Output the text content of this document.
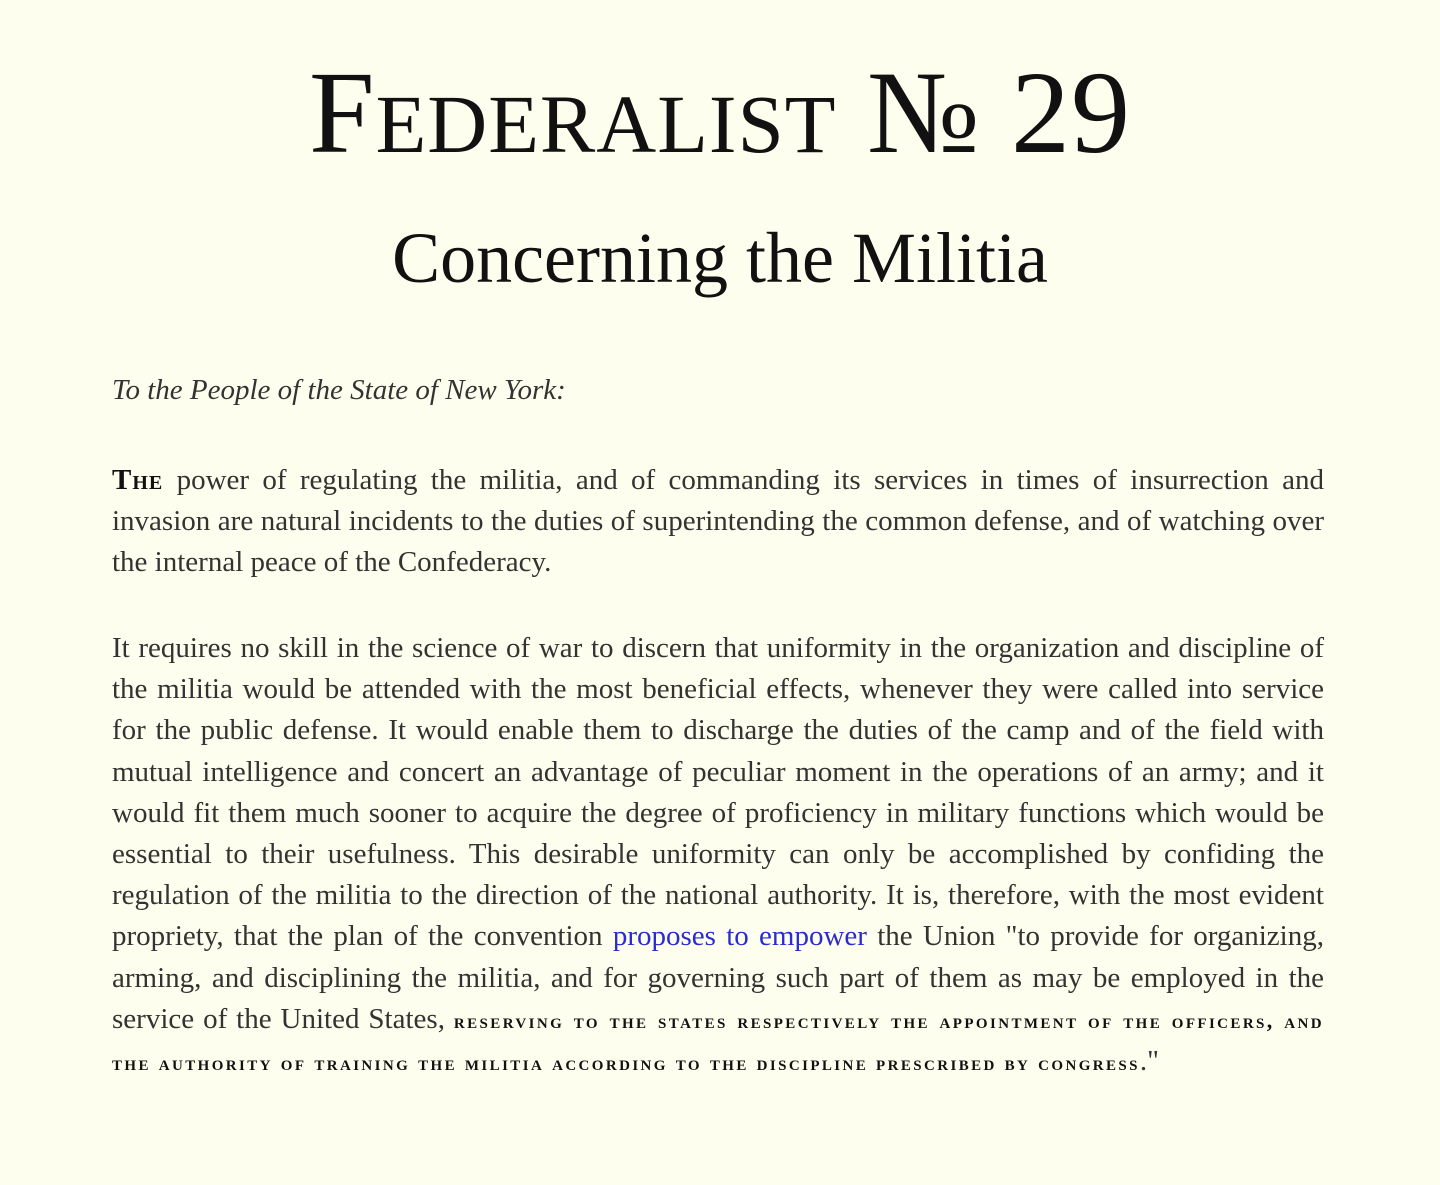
Federalist № 29
Concerning the Militia

To the People of the State of New York:

The power of regulating the militia, and of commanding its services in times of insurrection and invasion are natural incidents to the duties of superintending the common defense, and of watching over the internal peace of the Confederacy.

It requires no skill in the science of war to discern that uniformity in the organization and discipline of the militia would be attended with the most beneficial effects, whenever they were called into service for the public defense. It would enable them to discharge the duties of the camp and of the field with mutual intelligence and concert an advantage of peculiar moment in the operations of an army; and it would fit them much sooner to acquire the degree of proficiency in military functions which would be essential to their usefulness. This desirable uniformity can only be accomplished by confiding the regulation of the militia to the direction of the national authority. It is, therefore, with the most evident propriety, that the plan of the convention proposes to empower the Union "to provide for organizing, arming, and disciplining the militia, and for governing such part of them as may be employed in the service of the United States, reserving to the states respectively the appointment of the officers, and the authority of training the militia according to the discipline prescribed by congress."
